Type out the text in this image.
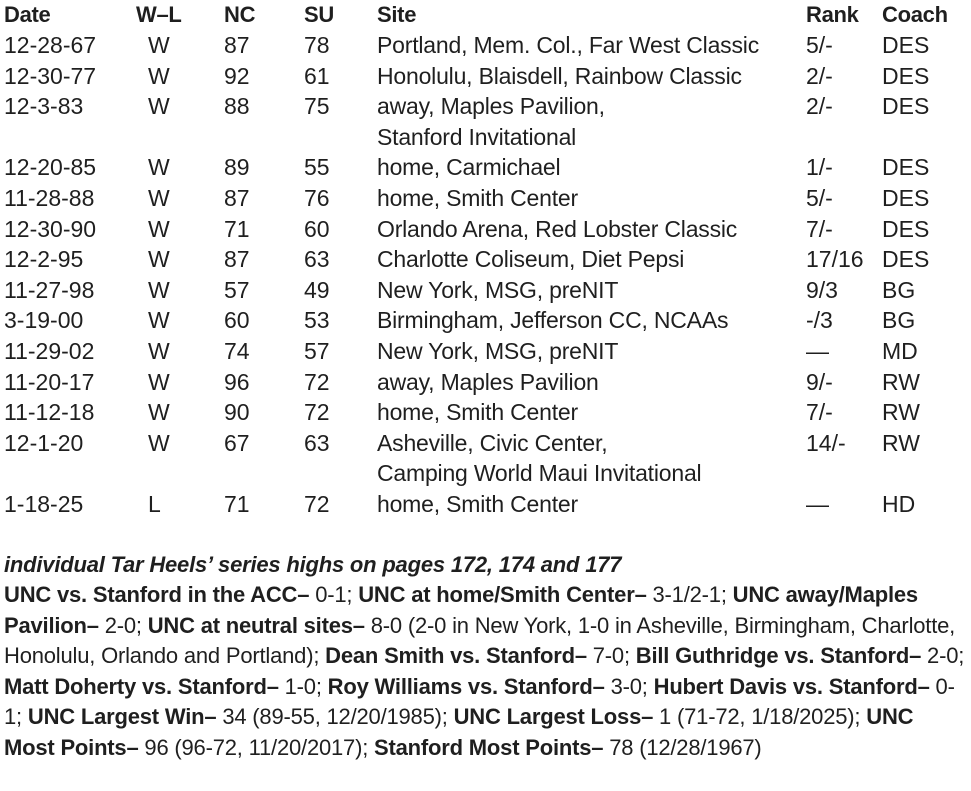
Date	W–L NC SU Site	Rank Coach
12-28-67 W 87 78 Portland, Mem. Col., Far West Classic 5/- DES
12-30-77 W 92 61 Honolulu, Blaisdell, Rainbow Classic	2/- DES
12-3-83	W 88 75 away, Maples Pavilion,	2/- DES
Stanford Invitational
12-20-85 W 89 55 home, Carmichael	1/- DES
11-28-88 W 87 76 home, Smith Center	5/- DES
12-30-90 W 71 60 Orlando Arena, Red Lobster Classic	7/- DES
12-2-95	W 87 63 Charlotte Coliseum, Diet Pepsi	17/16 DES
11-27-98 W 57 49 New York, MSG, preNIT	9/3 BG
3-19-00	W 60 53 Birmingham, Jefferson CC, NCAAs	-/3 BG
11-29-02 W 74 57 New York, MSG, preNIT	— MD
11-20-17 W 96 72 away, Maples Pavilion	9/- RW
11-12-18 W 90 72 home, Smith Center	7/- RW
12-1-20	W 67 63 Asheville, Civic Center,	14/- RW
Camping World Maui Invitational
1-18-25	L	71 72 home, Smith Center	— HD
individual Tar Heels’ series highs on pages 172, 174 and 177
UNC vs. Stanford in the ACC– 0-1; UNC at home/Smith Center– 3-1/2-1; UNC away/Maples Pavilion– 2-0; UNC at neutral sites– 8-0 (2-0 in New York, 1-0 in Asheville, Birmingham, Charlotte, Honolulu, Orlando and Portland); Dean Smith vs. Stanford– 7-0; Bill Guthridge vs. Stanford– 2-0; Matt Doherty vs. Stanford– 1-0; Roy Williams vs. Stanford– 3-0; Hubert Davis vs. Stanford– 0-1; UNC Largest Win– 34 (89-55, 12/20/1985); UNC Largest Loss– 1 (71-72, 1/18/2025); UNC Most Points– 96 (96-72, 11/20/2017); Stanford Most Points– 78 (12/28/1967)
